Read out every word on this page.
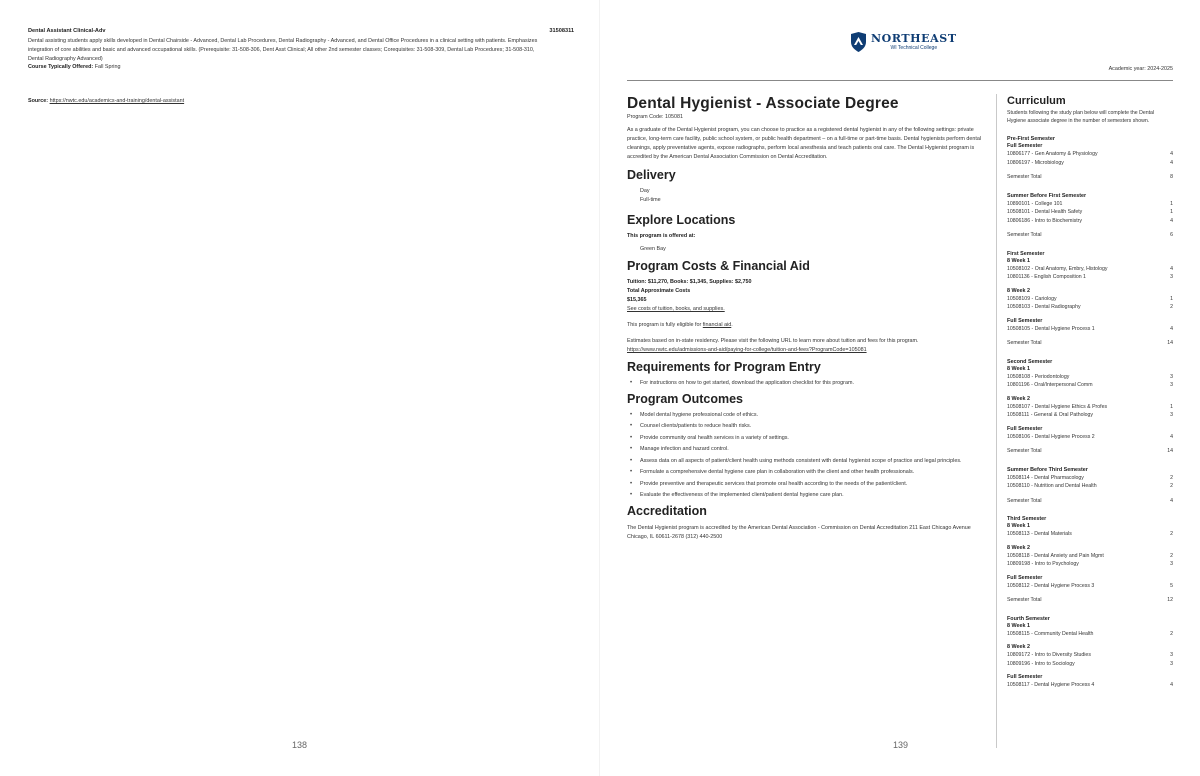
Dental Assistant Clinical-Adv	31508311
Dental assisting students apply skills developed in Dental Chairside - Advanced, Dental Lab Procedures, Dental Radiography - Advanced, and Dental Office Procedures in a clinical setting with patients. Emphasizes integration of core abilities and basic and advanced occupational skills. (Prerequisite: 31-508-306, Dent Asst Clinical; All other 2nd semester classes; Corequisites: 31-508-309, Dental Lab Procedures; 31-508-310, Dental Radiography Advanced)
Course Typically Offered: Fall Spring
Source: https://nwtc.edu/academics-and-training/dental-assistant
138
NORTHEAST
WI Technical College
Academic year: 2024-2025
Dental Hygienist - Associate Degree
Program Code: 105081
As a graduate of the Dental Hygienist program, you can choose to practice as a registered dental hygienist in any of the following settings: private practice, long-term care facility, public school system, or public health department – on a full-time or part-time basis. Dental hygienists perform dental cleanings, apply preventative agents, expose radiographs, perform local anesthesia and teach patients oral care. The Dental Hygienist program is accredited by the American Dental Association Commission on Dental Accreditation.
Delivery
Day
Full-time
Explore Locations
This program is offered at:
Green Bay
Program Costs & Financial Aid
Tuition: $11,270, Books: $1,345, Supplies: $2,750
Total Approximate Costs
$15,365
See costs of tuition, books, and supplies.
This program is fully eligible for financial aid.
Estimates based on in-state residency. Please visit the following URL to learn more about tuition and fees for this program.
https://www.nwtc.edu/admissions-and-aid/paying-for-college/tuition-and-fees?ProgramCode=105081
Requirements for Program Entry
• For instructions on how to get started, download the application checklist for this program.
Program Outcomes
• Model dental hygiene professional code of ethics.
• Counsel clients/patients to reduce health risks.
• Provide community oral health services in a variety of settings.
• Manage infection and hazard control.
• Assess data on all aspects of patient/client health using methods consistent with dental hygienist scope of practice and legal principles.
• Formulate a comprehensive dental hygiene care plan in collaboration with the client and other health professionals.
• Provide preventive and therapeutic services that promote oral health according to the needs of the patient/client.
• Evaluate the effectiveness of the implemented client/patient dental hygiene care plan.
Accreditation
The Dental Hygienist program is accredited by the American Dental Association - Commission on Dental Accreditation 211 East Chicago Avenue Chicago, IL 60611-2678 (312) 440-2500
Curriculum
Students following the study plan below will complete the Dental Hygiene associate degree in the number of semesters shown.
Pre-First Semester
Full Semester
10806177 - Gen Anatomy & Physiology	4
10806197 - Microbiology	4
Semester Total	8
Summer Before First Semester
10890101 - College 101	1
10508101 - Dental Health Safety	1
10806186 - Intro to Biochemistry	4
Semester Total	6
First Semester
8 Week 1
10508102 - Oral Anatomy, Embry, Histology	4
10801136 - English Composition 1	3
8 Week 2
10508109 - Cariology	1
10508103 - Dental Radiography	2
Full Semester
10508105 - Dental Hygiene Process 1	4
Semester Total	14
Second Semester
8 Week 1
10508108 - Periodontology	3
10801196 - Oral/Interpersonal Comm	3
8 Week 2
10508107 - Dental Hygiene Ethics & Profes	1
10508111 - General & Oral Pathology	3
Full Semester
10508106 - Dental Hygiene Process 2	4
Semester Total	14
Summer Before Third Semester
10508114 - Dental Pharmacology	2
10508110 - Nutrition and Dental Health	2
Semester Total	4
Third Semester
8 Week 1
10508113 - Dental Materials	2
8 Week 2
10508118 - Dental Anxiety and Pain Mgmt	2
10809198 - Intro to Psychology	3
Full Semester
10508112 - Dental Hygiene Process 3	5
Semester Total	12
Fourth Semester
8 Week 1
10508115 - Community Dental Health	2
8 Week 2
10809172 - Intro to Diversity Studies	3
10809196 - Intro to Sociology	3
Full Semester
10508117 - Dental Hygiene Process 4	4
139
